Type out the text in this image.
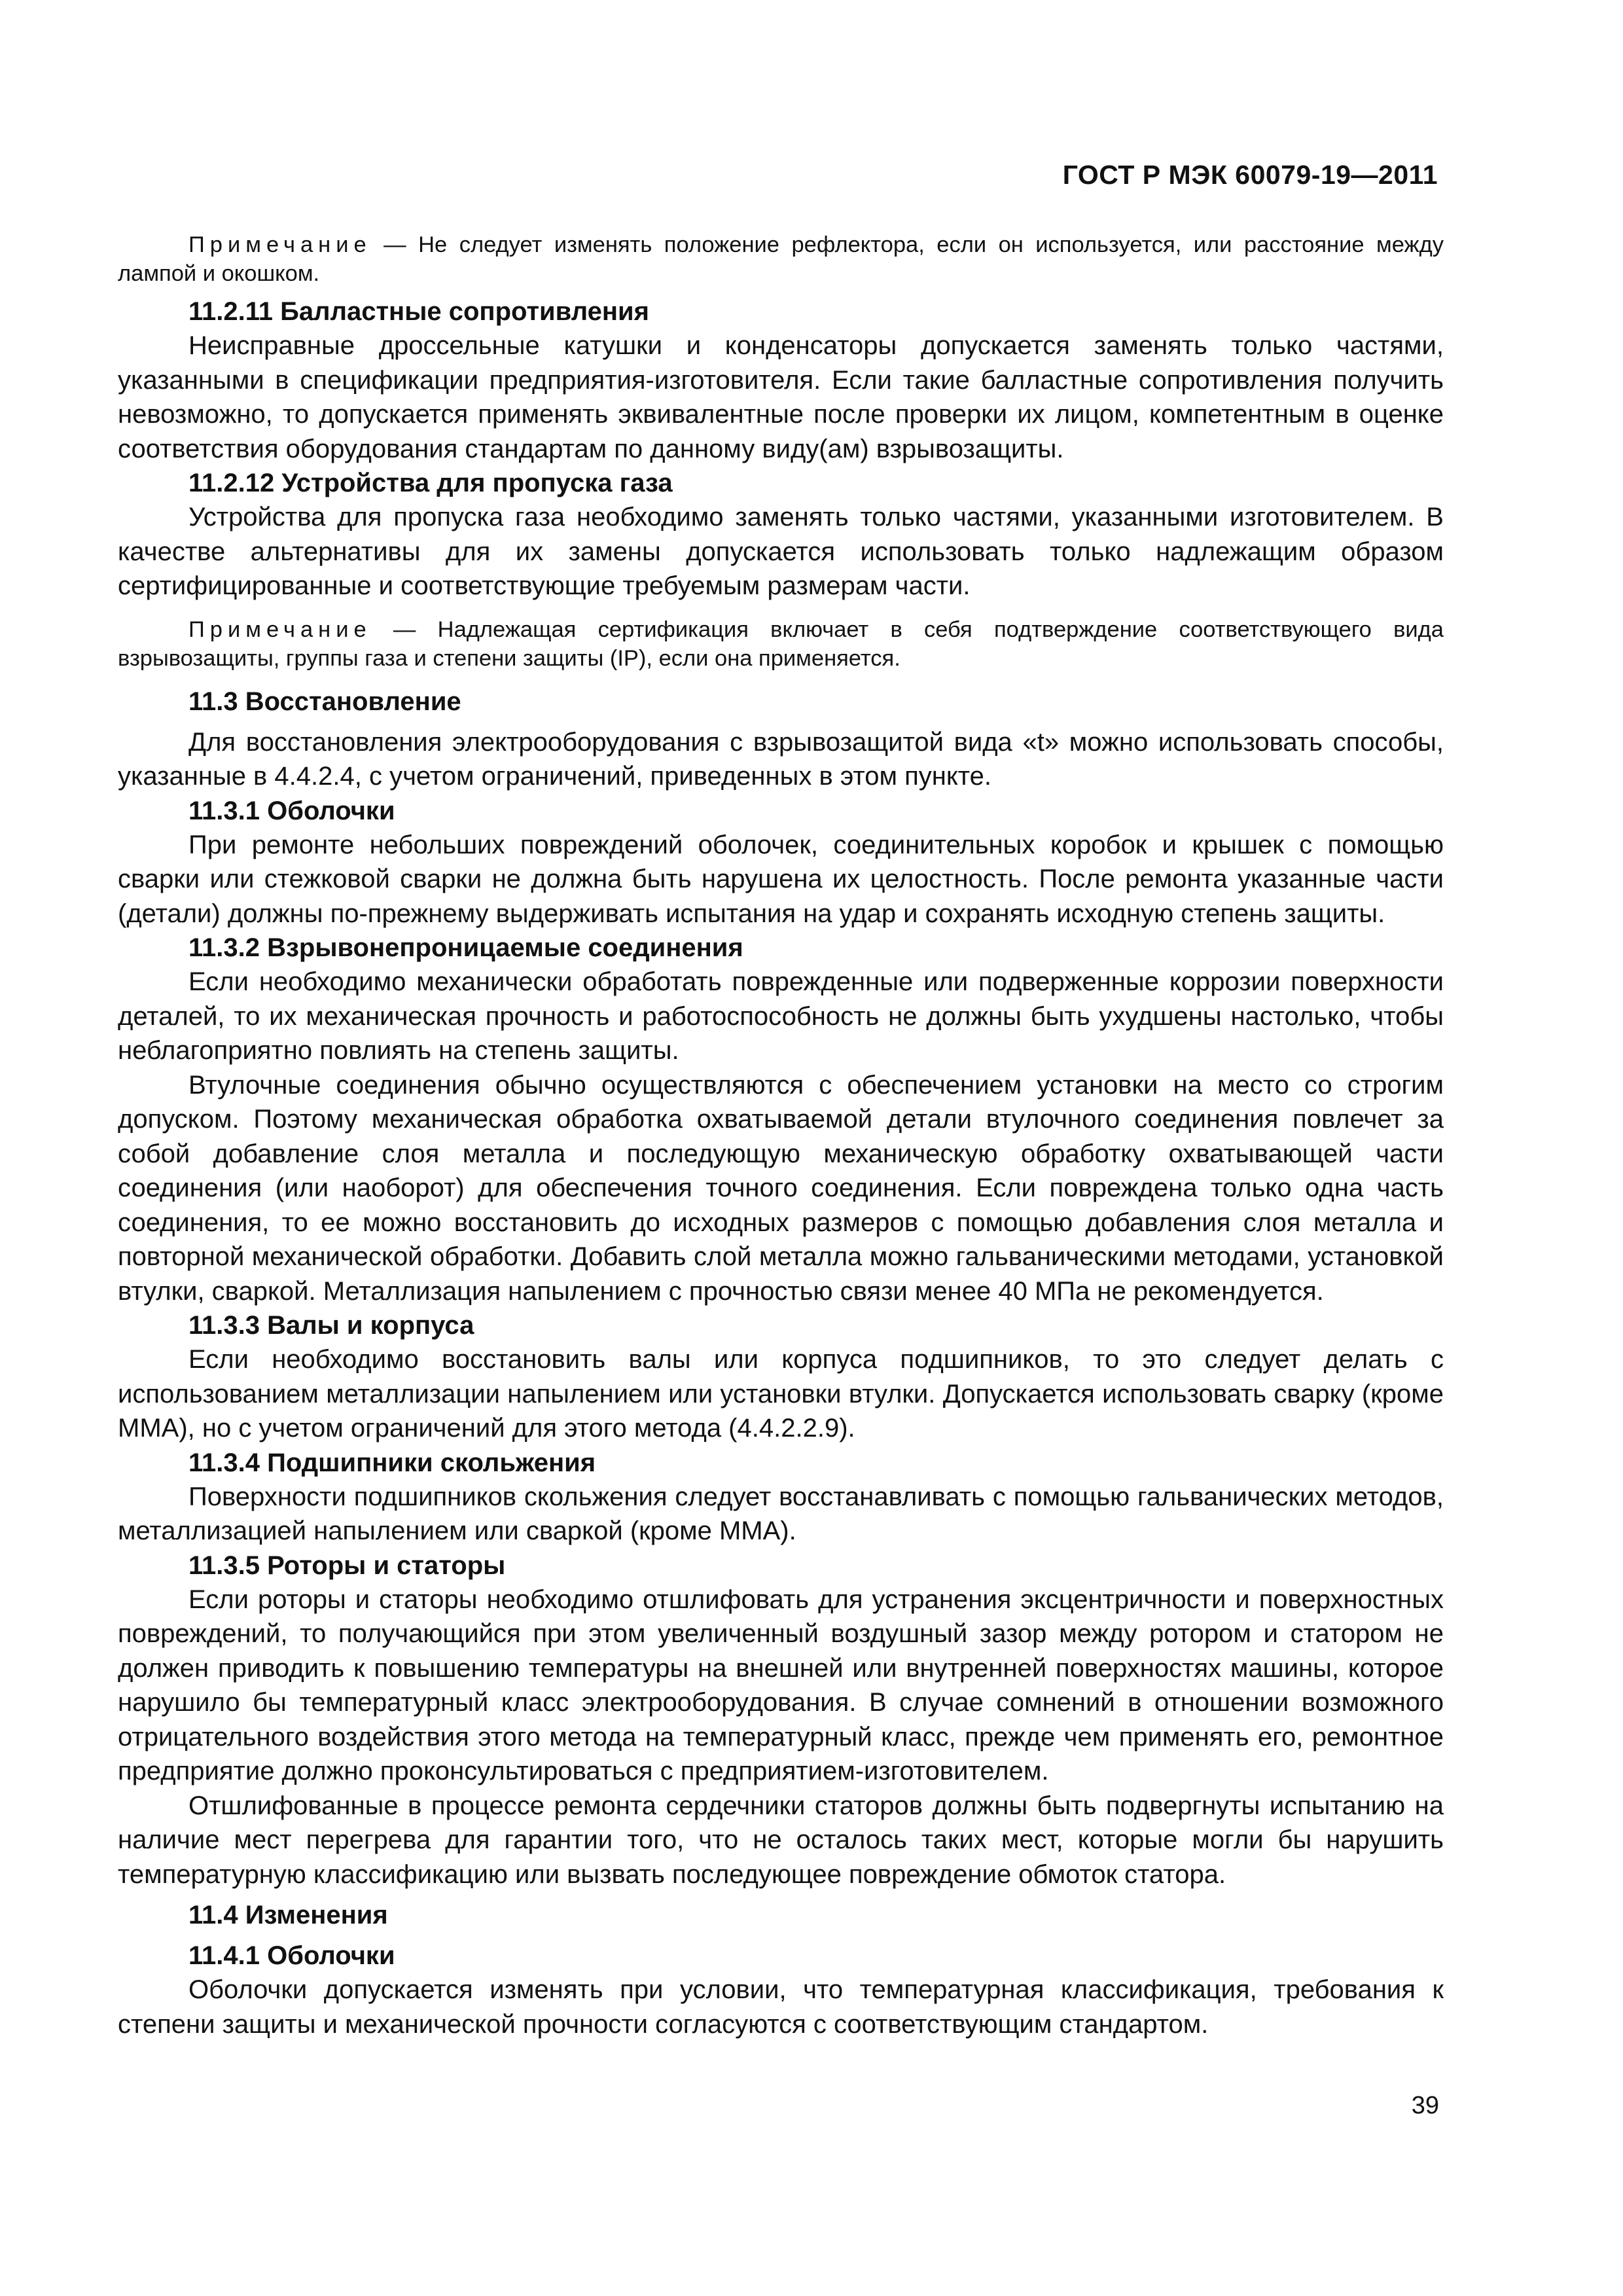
ГОСТ Р МЭК 60079-19—2011

Примечание — Не следует изменять положение рефлектора, если он используется, или расстояние между лампой и окошком.

11.2.11 Балластные сопротивления

Неисправные дроссельные катушки и конденсаторы допускается заменять только частями, указанными в спецификации предприятия-изготовителя. Если такие балластные сопротивления получить невозможно, то допускается применять эквивалентные после проверки их лицом, компетентным в оценке соответствия оборудования стандартам по данному виду(ам) взрывозащиты.

11.2.12 Устройства для пропуска газа

Устройства для пропуска газа необходимо заменять только частями, указанными изготовителем. В качестве альтернативы для их замены допускается использовать только надлежащим образом сертифицированные и соответствующие требуемым размерам части.

Примечание — Надлежащая сертификация включает в себя подтверждение соответствующего вида взрывозащиты, группы газа и степени защиты (IP), если она применяется.

11.3 Восстановление

Для восстановления электрооборудования с взрывозащитой вида «t» можно использовать способы, указанные в 4.4.2.4, с учетом ограничений, приведенных в этом пункте.

11.3.1 Оболочки

При ремонте небольших повреждений оболочек, соединительных коробок и крышек с помощью сварки или стежковой сварки не должна быть нарушена их целостность. После ремонта указанные части (детали) должны по-прежнему выдерживать испытания на удар и сохранять исходную степень защиты.

11.3.2 Взрывонепроницаемые соединения

Если необходимо механически обработать поврежденные или подверженные коррозии поверхности деталей, то их механическая прочность и работоспособность не должны быть ухудшены настолько, чтобы неблагоприятно повлиять на степень защиты.

Втулочные соединения обычно осуществляются с обеспечением установки на место со строгим допуском. Поэтому механическая обработка охватываемой детали втулочного соединения повлечет за собой добавление слоя металла и последующую механическую обработку охватывающей части соединения (или наоборот) для обеспечения точного соединения. Если повреждена только одна часть соединения, то ее можно восстановить до исходных размеров с помощью добавления слоя металла и повторной механической обработки. Добавить слой металла можно гальваническими методами, установкой втулки, сваркой. Металлизация напылением с прочностью связи менее 40 МПа не рекомендуется.

11.3.3 Валы и корпуса

Если необходимо восстановить валы или корпуса подшипников, то это следует делать с использованием металлизации напылением или установки втулки. Допускается использовать сварку (кроме ММА), но с учетом ограничений для этого метода (4.4.2.2.9).

11.3.4 Подшипники скольжения

Поверхности подшипников скольжения следует восстанавливать с помощью гальванических методов, металлизацией напылением или сваркой (кроме ММА).

11.3.5 Роторы и статоры

Если роторы и статоры необходимо отшлифовать для устранения эксцентричности и поверхностных повреждений, то получающийся при этом увеличенный воздушный зазор между ротором и статором не должен приводить к повышению температуры на внешней или внутренней поверхностях машины, которое нарушило бы температурный класс электрооборудования. В случае сомнений в отношении возможного отрицательного воздействия этого метода на температурный класс, прежде чем применять его, ремонтное предприятие должно проконсультироваться с предприятием-изготовителем.

Отшлифованные в процессе ремонта сердечники статоров должны быть подвергнуты испытанию на наличие мест перегрева для гарантии того, что не осталось таких мест, которые могли бы нарушить температурную классификацию или вызвать последующее повреждение обмоток статора.

11.4 Изменения
11.4.1 Оболочки

Оболочки допускается изменять при условии, что температурная классификация, требования к степени защиты и механической прочности согласуются с соответствующим стандартом.

39
